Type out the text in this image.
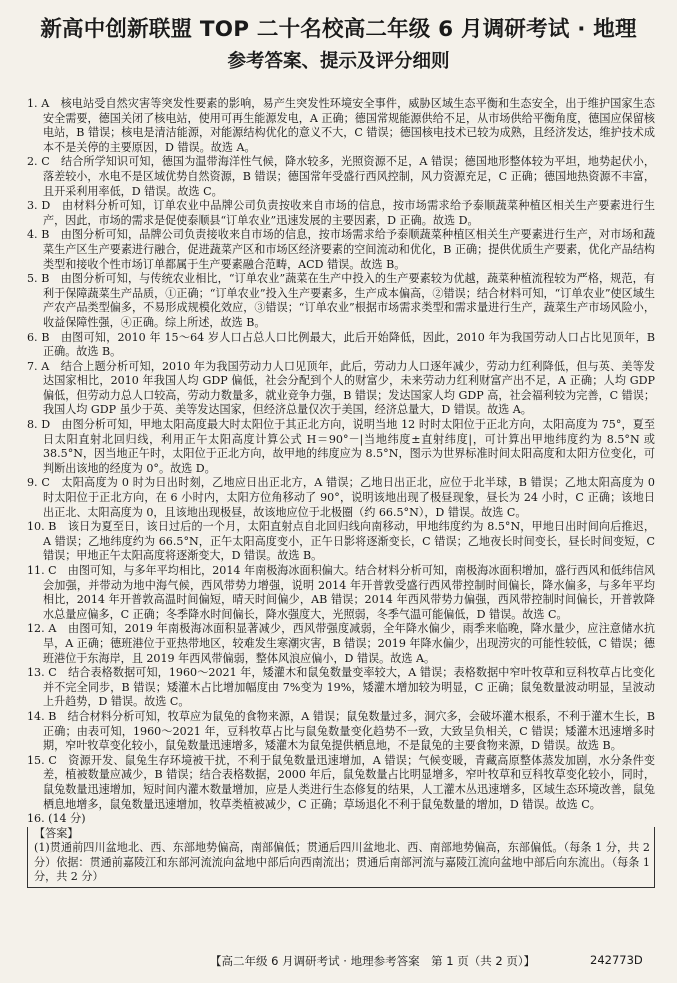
新高中创新联盟 TOP 二十名校高二年级 6 月调研考试 · 地理
参考答案、提示及评分细则

1. A　核电站受自然灾害等突发性要素的影响，易产生突发性环境安全事件，威胁区域生态平衡和生态安全，出于维护国家生态安全需要，德国关闭了核电站，使用可再生能源发电，A 正确；德国常规能源供给不足，从市场供给平衡角度，德国应保留核电站，B 错误；核电是清洁能源，对能源结构优化的意义不大，C 错误；德国核电技术已较为成熟，且经济发达，维护技术成本不是关停的主要原因，D 错误。故选 A。

2. C　结合所学知识可知，德国为温带海洋性气候，降水较多，光照资源不足，A 错误；德国地形整体较为平坦，地势起伏小，落差较小，水电不是区域优势自然资源，B 错误；德国常年受盛行西风控制，风力资源充足，C 正确；德国地热资源不丰富，且开采利用率低，D 错误。故选 C。

3. D　由材料分析可知，订单农业中品牌公司负责按收来自市场的信息，按市场需求给予泰顺蔬菜种植区相关生产要素进行生产，因此，市场的需求是促使泰顺县“订单农业”迅速发展的主要因素，D 正确。故选 D。

4. B　由图分析可知，品牌公司负责接收来自市场的信息，按市场需求给予泰顺蔬菜种植区相关生产要素进行生产，对市场和蔬菜生产区生产要素进行融合，促进蔬菜产区和市场区经济要素的空间流动和优化，B 正确；提供优质生产要素，优化产品结构类型和接收个性市场订单都属于生产要素融合范畴，ACD 错误。故选 B。

5. B　由图分析可知，与传统农业相比，“订单农业”蔬菜在生产中投入的生产要素较为优越，蔬菜种植流程较为严格，规范，有利于保障蔬菜生产品质，①正确；“订单农业”投入生产要素多，生产成本偏高，②错误；结合材料可知，“订单农业”使区域生产农产品类型偏多，不易形成规模化效应，③错误；“订单农业”根据市场需求类型和需求量进行生产，蔬菜生产市场风险小，收益保障性强，④正确。综上所述，故选 B。

6. B　由图可知，2010 年 15～64 岁人口占总人口比例最大，此后开始降低，因此，2010 年为我国劳动人口占比见顶年，B 正确。故选 B。

7. A　结合上题分析可知，2010 年为我国劳动力人口见顶年，此后，劳动力人口逐年减少，劳动力红利降低，但与英、美等发达国家相比，2010 年我国人均 GDP 偏低，社会分配到个人的财富少，未来劳动力红利财富产出不足，A 正确；人均 GDP 偏低，但劳动力总人口较高，劳动力数量多，就业竞争力强，B 错误；发达国家人均 GDP 高，社会福利较为完善，C 错误；我国人均 GDP 虽少于英、美等发达国家，但经济总量仅次于美国，经济总量大，D 错误。故选 A。

8. D　由图分析可知，甲地太阳高度最大时太阳位于其正北方向，说明当地 12 时时太阳位于正北方向，太阳高度为 75°，夏至日太阳直射北回归线，利用正午太阳高度计算公式 H＝90°－|当地纬度±直射纬度|，可计算出甲地纬度约为 8.5°N 或 38.5°N，因当地正午时，太阳位于正北方向，故甲地的纬度应为 8.5°N，图示为世界标准时间太阳高度和太阳方位变化，可判断出该地的经度为 0°。故选 D。

9. C　太阳高度为 0 时为日出时刻，乙地应日出正北方，A 错误；乙地日出正北，应位于北半球，B 错误；乙地太阳高度为 0 时太阳位于正北方向，在 6 小时内，太阳方位角移动了 90°，说明该地出现了极昼现象，昼长为 24 小时，C 正确；该地日出正北、太阳高度为 0，且该地出现极昼，故该地应位于北极圈（约 66.5°N），D 错误。故选 C。

10. B　该日为夏至日，该日过后的一个月，太阳直射点自北回归线向南移动，甲地纬度约为 8.5°N，甲地日出时间向后推迟，A 错误；乙地纬度约为 66.5°N，正午太阳高度变小，正午日影将逐渐变长，C 错误；乙地夜长时间变长，昼长时间变短，C 错误；甲地正午太阳高度将逐渐变大，D 错误。故选 B。

11. C　由图可知，与多年平均相比，2014 年南极海冰面积偏大。结合材料分析可知，南极海冰面积增加，盛行西风和低纬信风会加强，并带动为地中海气候，西风带势力增强，说明 2014 年开普敦受盛行西风带控制时间偏长，降水偏多，与多年平均相比，2014 年开普敦高温时间偏短，晴天时间偏少，AB 错误；2014 年西风带势力偏强，西风带控制时间偏长，开普敦降水总量应偏多，C 正确；冬季降水时间偏长，降水强度大，光照弱，冬季气温可能偏低，D 错误。故选 C。

12. A　由图可知，2019 年南极海冰面积显著减少，西风带强度减弱，全年降水偏少，雨季来临晚，降水量少，应注意储水抗旱，A 正确；德班港位于亚热带地区，较难发生寒潮灾害，B 错误；2019 年降水偏少，出现涝灾的可能性较低，C 错误；德班港位于东海岸，且 2019 年西风带偏弱，整体风浪应偏小，D 错误。故选 A。

13. C　结合表格数据可知，1960～2021 年，矮灌木和鼠兔数量变率较大，A 错误；表格数据中窄叶牧草和豆科牧草占比变化并不完全同步，B 错误；矮灌木占比增加幅度由 7%变为 19%，矮灌木增加较为明显，C 正确；鼠兔数量波动明显，呈波动上升趋势，D 错误。故选 C。

14. B　结合材料分析可知，牧草应为鼠兔的食物来源，A 错误；鼠兔数量过多，洞穴多，会破坏灌木根系，不利于灌木生长，B 正确；由表可知，1960～2021 年，豆科牧草占比与鼠兔数量变化趋势不一致，大致呈负相关，C 错误；矮灌木迅速增多时期，窄叶牧草变化较小，鼠兔数量迅速增多，矮灌木为鼠兔提供栖息地，不是鼠兔的主要食物来源，D 错误。故选 B。

15. C　资源开发、鼠兔生存环境被干扰，不利于鼠兔数量迅速增加，A 错误；气候变暖，青藏高原整体蒸发加剧，水分条件变差，植被数量应减少，B 错误；结合表格数据，2000 年后，鼠兔数量占比明显增多，窄叶牧草和豆科牧草变化较小，同时，鼠兔数量迅速增加，短时间内灌木数量增加，应是人类进行生态修复的结果，人工灌木丛迅速增多，区域生态环境改善，鼠兔栖息地增多，鼠兔数量迅速增加，牧草类植被减少，C 正确；草场退化不利于鼠兔数量的增加，D 错误。故选 C。

16. (14 分)

【答案】

(1)贯通前四川盆地北、西、东部地势偏高，南部偏低；贯通后四川盆地北、西、南部地势偏高，东部偏低。（每条 1 分，共 2 分）依据：贯通前嘉陵江和东部河流流向盆地中部后向西南流出；贯通后南部河流与嘉陵江流向盆地中部后向东流出。（每条 1 分，共 2 分）

【高二年级 6 月调研考试 · 地理参考答案　第 1 页（共 2 页）】	242773D
